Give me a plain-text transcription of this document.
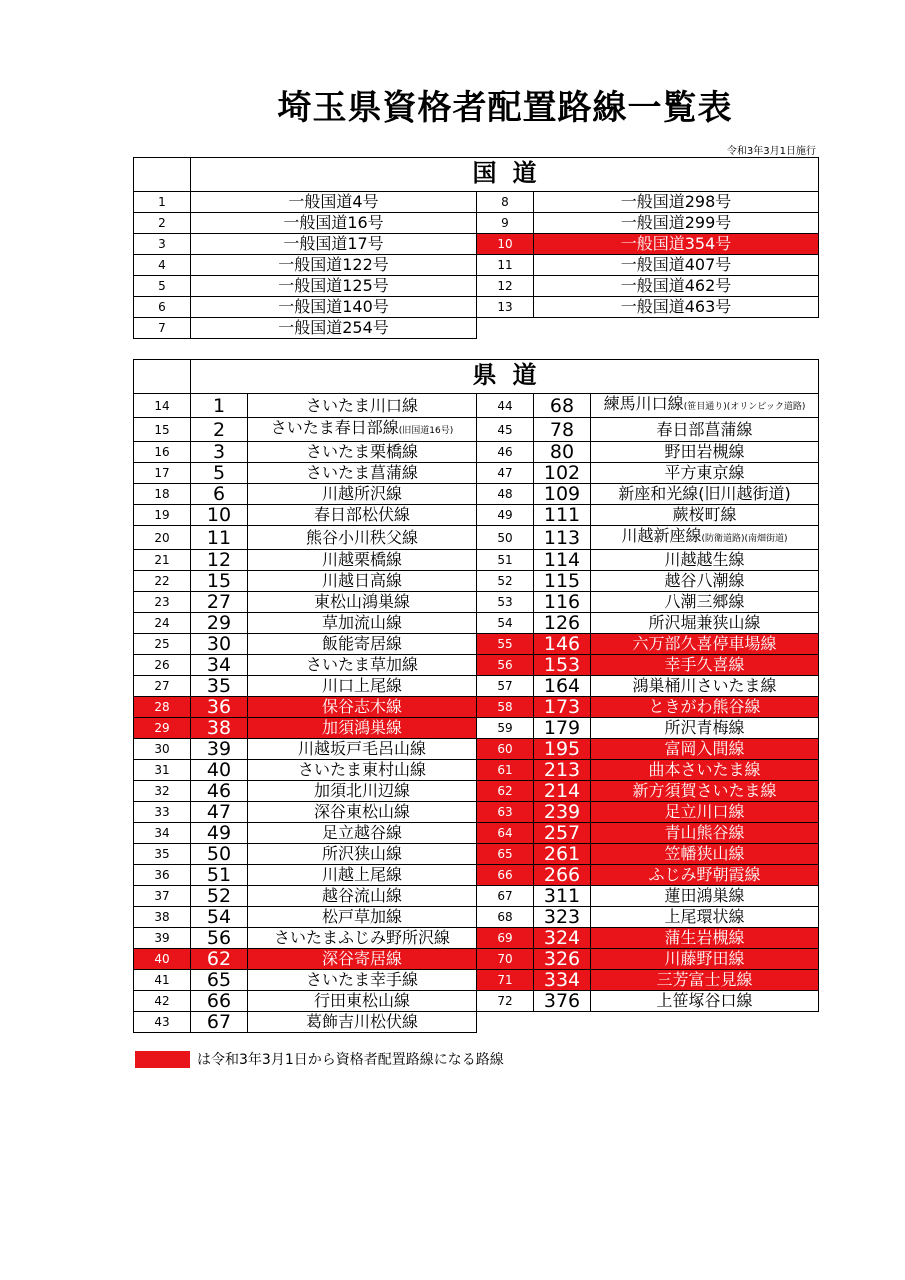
埼玉県資格者配置路線一覧表
令和3年3月1日施行
	国道		
1	一般国道4号	8	一般国道298号
2	一般国道16号	9	一般国道299号
3	一般国道17号	10	一般国道354号
4	一般国道122号	11	一般国道407号
5	一般国道125号	12	一般国道462号
6	一般国道140号	13	一般国道463号
7	一般国道254号		
	県道				
14	1	さいたま川口線	44	68	練馬川口線(笹目通り)(オリンピック道路)
15	2	さいたま春日部線(旧国道16号)	45	78	春日部菖蒲線
16	3	さいたま栗橋線	46	80	野田岩槻線
17	5	さいたま菖蒲線	47	102	平方東京線
18	6	川越所沢線	48	109	新座和光線(旧川越街道)
19	10	春日部松伏線	49	111	蕨桜町線
20	11	熊谷小川秩父線	50	113	川越新座線(防衛道路)(南畑街道)
21	12	川越栗橋線	51	114	川越越生線
22	15	川越日高線	52	115	越谷八潮線
23	27	東松山鴻巣線	53	116	八潮三郷線
24	29	草加流山線	54	126	所沢堀兼狭山線
25	30	飯能寄居線	55	146	六万部久喜停車場線
26	34	さいたま草加線	56	153	幸手久喜線
27	35	川口上尾線	57	164	鴻巣桶川さいたま線
28	36	保谷志木線	58	173	ときがわ熊谷線
29	38	加須鴻巣線	59	179	所沢青梅線
30	39	川越坂戸毛呂山線	60	195	富岡入間線
31	40	さいたま東村山線	61	213	曲本さいたま線
32	46	加須北川辺線	62	214	新方須賀さいたま線
33	47	深谷東松山線	63	239	足立川口線
34	49	足立越谷線	64	257	青山熊谷線
35	50	所沢狭山線	65	261	笠幡狭山線
36	51	川越上尾線	66	266	ふじみ野朝霞線
37	52	越谷流山線	67	311	蓮田鴻巣線
38	54	松戸草加線	68	323	上尾環状線
39	56	さいたまふじみ野所沢線	69	324	蒲生岩槻線
40	62	深谷寄居線	70	326	川藤野田線
41	65	さいたま幸手線	71	334	三芳富士見線
42	66	行田東松山線	72	376	上笹塚谷口線
43	67	葛飾吉川松伏線			
は令和3年3月1日から資格者配置路線になる路線
